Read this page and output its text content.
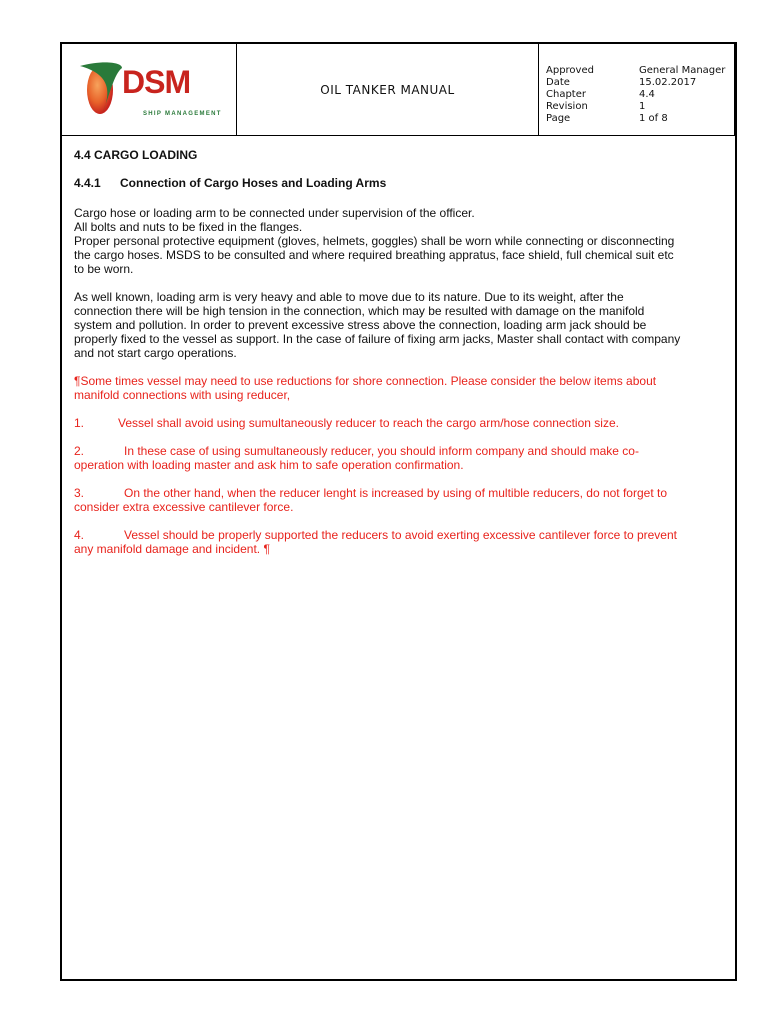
DSM
SHIP MANAGEMENT
OIL TANKER MANUAL
Approved	General Manager
Date	15.02.2017
Chapter	4.4
Revision	1
Page	1 of 8
4.4 CARGO LOADING
4.4.1 Connection of Cargo Hoses and Loading Arms
Cargo hose or loading arm to be connected under supervision of the officer.
All bolts and nuts to be fixed in the flanges.
Proper personal protective equipment (gloves, helmets, goggles) shall be worn while connecting or disconnecting
the cargo hoses. MSDS to be consulted and where required breathing appratus, face shield, full chemical suit etc
to be worn.
As well known, loading arm is very heavy and able to move due to its nature. Due to its weight, after the
connection there will be high tension in the connection, which may be resulted with damage on the manifold
system and pollution. In order to prevent excessive stress above the connection, loading arm jack should be
properly fixed to the vessel as support. In the case of failure of fixing arm jacks, Master shall contact with company
and not start cargo operations.
¶Some times vessel may need to use reductions for shore connection. Please consider the below items about
manifold connections with using reducer,
1.	Vessel shall avoid using sumultaneously reducer to reach the cargo arm/hose connection size.
2.	In these case of using sumultaneously reducer, you should inform company and should make co-
operation with loading master and ask him to safe operation confirmation.
3.	On the other hand, when the reducer lenght is increased by using of multible reducers, do not forget to
consider extra excessive cantilever force.
4.	Vessel should be properly supported the reducers to avoid exerting excessive cantilever force to prevent
any manifold damage and incident. ¶
